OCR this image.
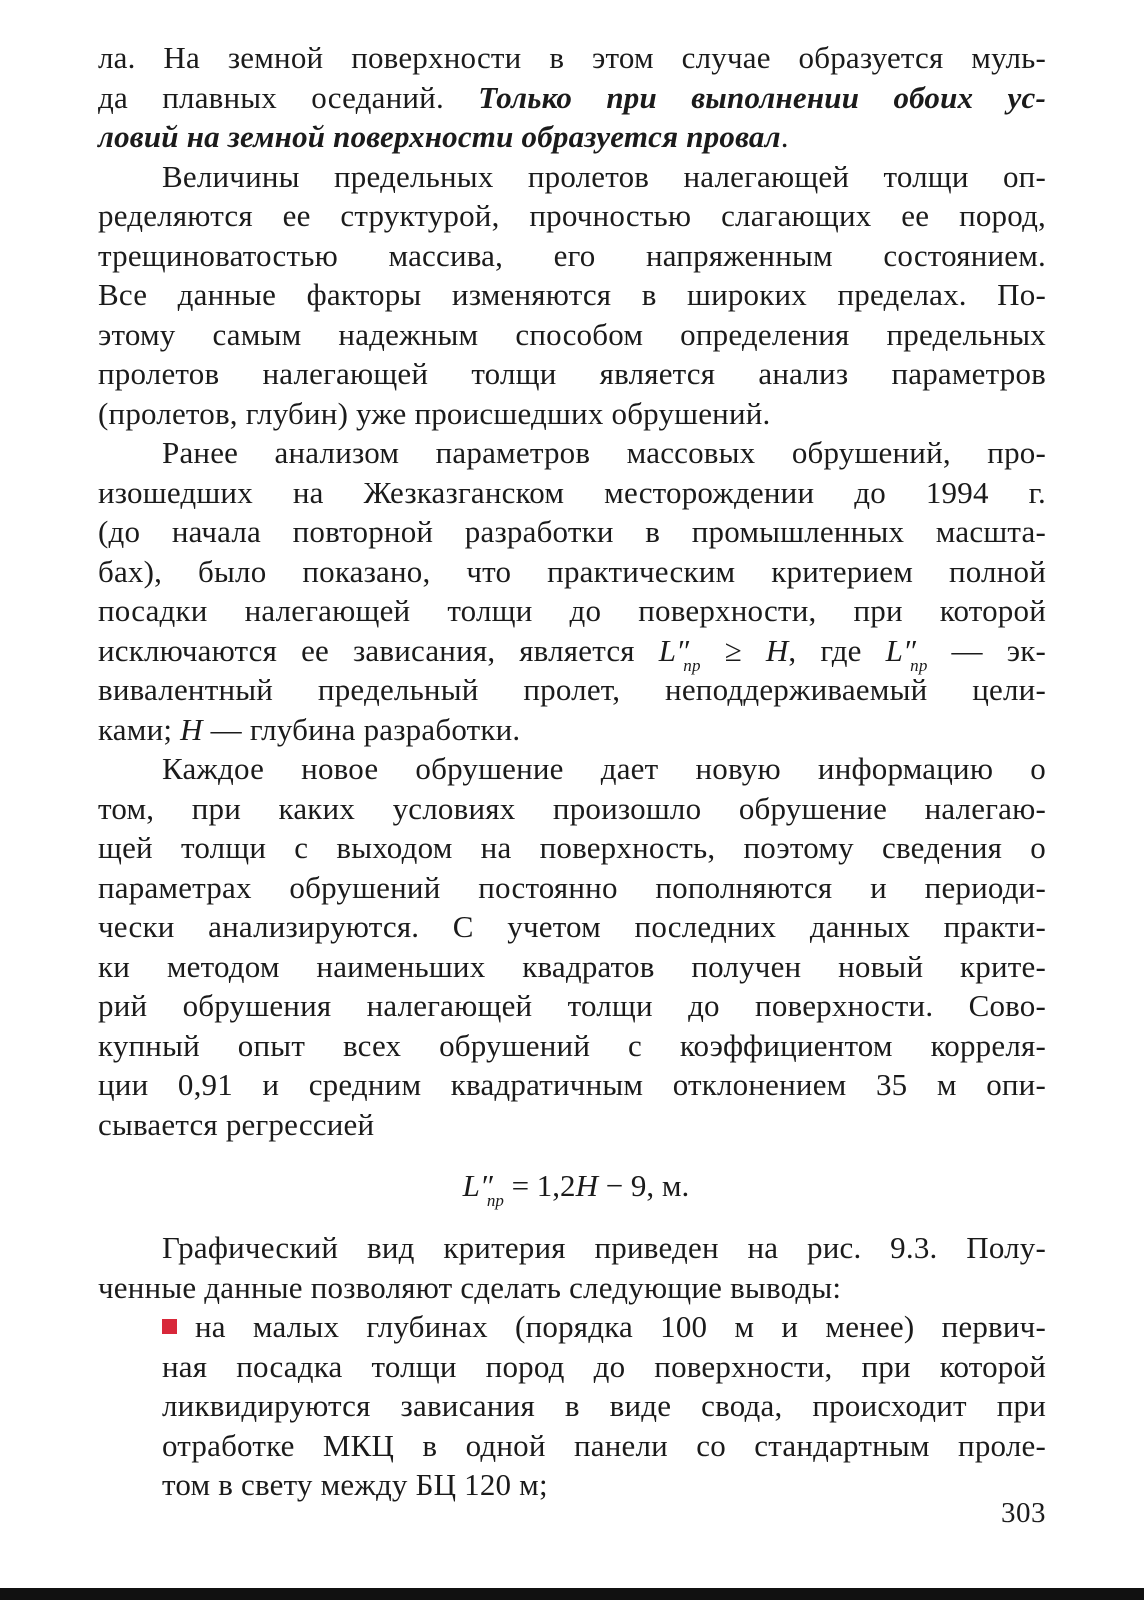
ла. На земной поверхности в этом случае образуется муль-
да плавных оседаний. Только при выполнении обоих ус-
ловий на земной поверхности образуется провал.
Величины предельных пролетов налегающей толщи оп-
ределяются ее структурой, прочностью слагающих ее пород,
трещиноватостью массива, его напряженным состоянием.
Все данные факторы изменяются в широких пределах. По-
этому самым надежным способом определения предельных
пролетов налегающей толщи является анализ параметров
(пролетов, глубин) уже происшедших обрушений.
Ранее анализом параметров массовых обрушений, про-
изошедших на Жезказганском месторождении до 1994 г.
(до начала повторной разработки в промышленных масшта-
бах), было показано, что практическим критерием полной
посадки налегающей толщи до поверхности, при которой
исключаются ее зависания, является $L''_{пр} \ge H$, где $L''_{пр}$ — эк-
вивалентный предельный пролет, неподдерживаемый цели-
ками; H — глубина разработки.
Каждое новое обрушение дает новую информацию о
том, при каких условиях произошло обрушение налегаю-
щей толщи с выходом на поверхность, поэтому сведения о
параметрах обрушений постоянно пополняются и периоди-
чески анализируются. С учетом последних данных практи-
ки методом наименьших квадратов получен новый крите-
рий обрушения налегающей толщи до поверхности. Сово-
купный опыт всех обрушений с коэффициентом корреля-
ции 0,91 и средним квадратичным отклонением 35 м опи-
сывается регрессией
$L''_{пр} = 1,2H - 9$, м.
Графический вид критерия приведен на рис. 9.3. Полу-
ченные данные позволяют сделать следующие выводы:
на малых глубинах (порядка 100 м и менее) первич-
ная посадка толщи пород до поверхности, при которой
ликвидируются зависания в виде свода, происходит при
отработке МКЦ в одной панели со стандартным проле-
том в свету между БЦ 120 м;
303
